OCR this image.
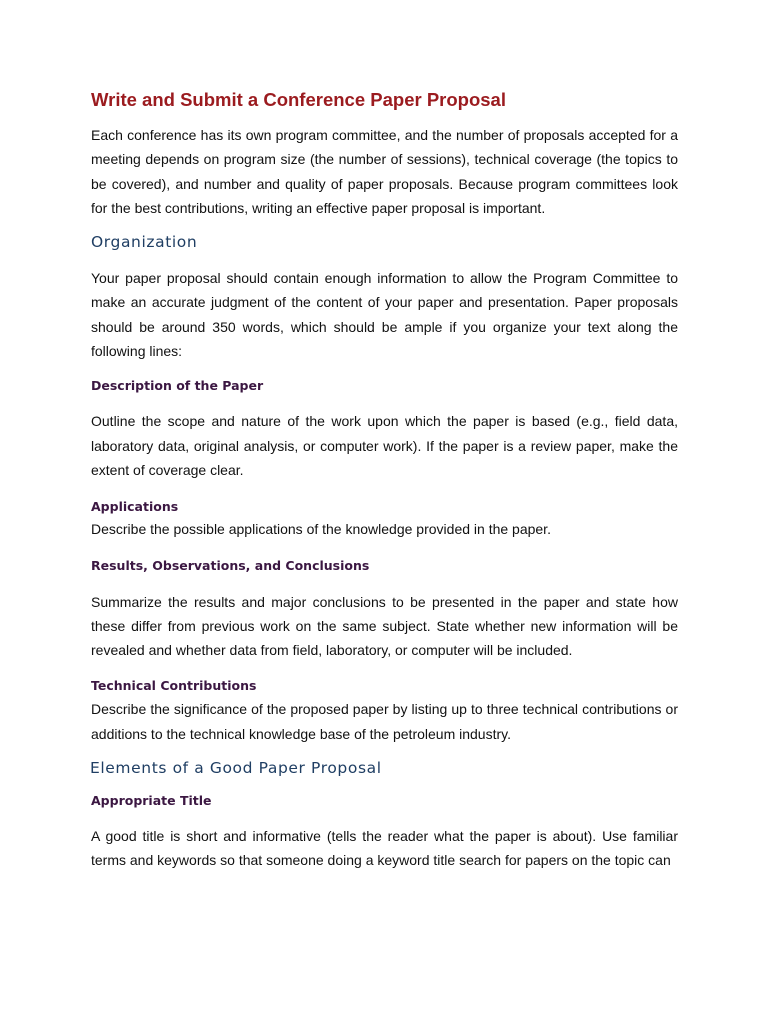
Write and Submit a Conference Paper Proposal

Each conference has its own program committee, and the number of proposals accepted for a meeting depends on program size (the number of sessions), technical coverage (the topics to be covered), and number and quality of paper proposals. Because program committees look for the best contributions, writing an effective paper proposal is important.

Organization

Your paper proposal should contain enough information to allow the Program Committee to make an accurate judgment of the content of your paper and presentation. Paper proposals should be around 350 words, which should be ample if you organize your text along the following lines:

Description of the Paper

Outline the scope and nature of the work upon which the paper is based (e.g., field data, laboratory data, original analysis, or computer work). If the paper is a review paper, make the extent of coverage clear.

Applications

Describe the possible applications of the knowledge provided in the paper.

Results, Observations, and Conclusions

Summarize the results and major conclusions to be presented in the paper and state how these differ from previous work on the same subject. State whether new information will be revealed and whether data from field, laboratory, or computer will be included.

Technical Contributions

Describe the significance of the proposed paper by listing up to three technical contributions or additions to the technical knowledge base of the petroleum industry.

Elements of a Good Paper Proposal
Appropriate Title

A good title is short and informative (tells the reader what the paper is about). Use familiar terms and keywords so that someone doing a keyword title search for papers on the topic can
